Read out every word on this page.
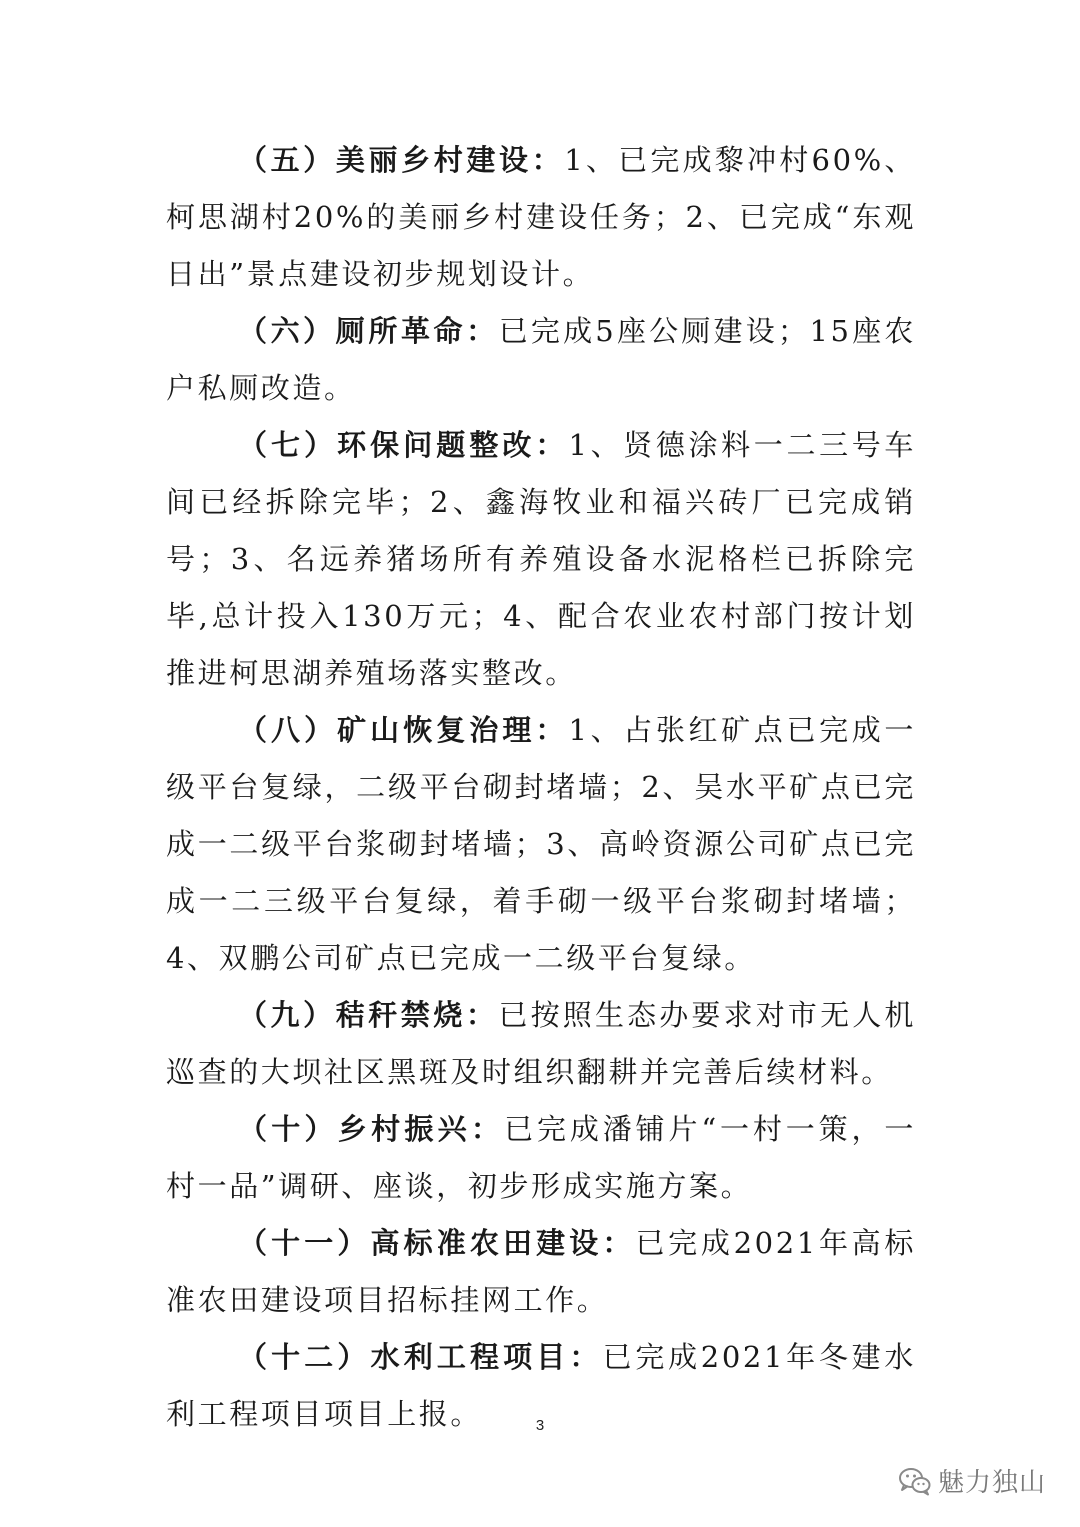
（五）美丽乡村建设：1、已完成黎冲村60%、柯思湖村20%的美丽乡村建设任务；2、已完成“东观日出”景点建设初步规划设计。

（六）厕所革命：已完成5座公厕建设；15座农户私厕改造。

（七）环保问题整改：1、贤德涂料一二三号车间已经拆除完毕；2、鑫海牧业和福兴砖厂已完成销号；3、名远养猪场所有养殖设备水泥格栏已拆除完毕,总计投入130万元；4、配合农业农村部门按计划推进柯思湖养殖场落实整改。

（八）矿山恢复治理：1、占张红矿点已完成一级平台复绿，二级平台砌封堵墙；2、吴水平矿点已完成一二级平台浆砌封堵墙；3、高岭资源公司矿点已完成一二三级平台复绿，着手砌一级平台浆砌封堵墙；4、双鹏公司矿点已完成一二级平台复绿。

（九）秸秆禁烧：已按照生态办要求对市无人机巡查的大坝社区黑斑及时组织翻耕并完善后续材料。

（十）乡村振兴：已完成潘铺片“一村一策，一村一品”调研、座谈，初步形成实施方案。

（十一）高标准农田建设：已完成2021年高标准农田建设项目招标挂网工作。

（十二）水利工程项目：已完成2021年冬建水利工程项目项目上报。	3
魅力独山
